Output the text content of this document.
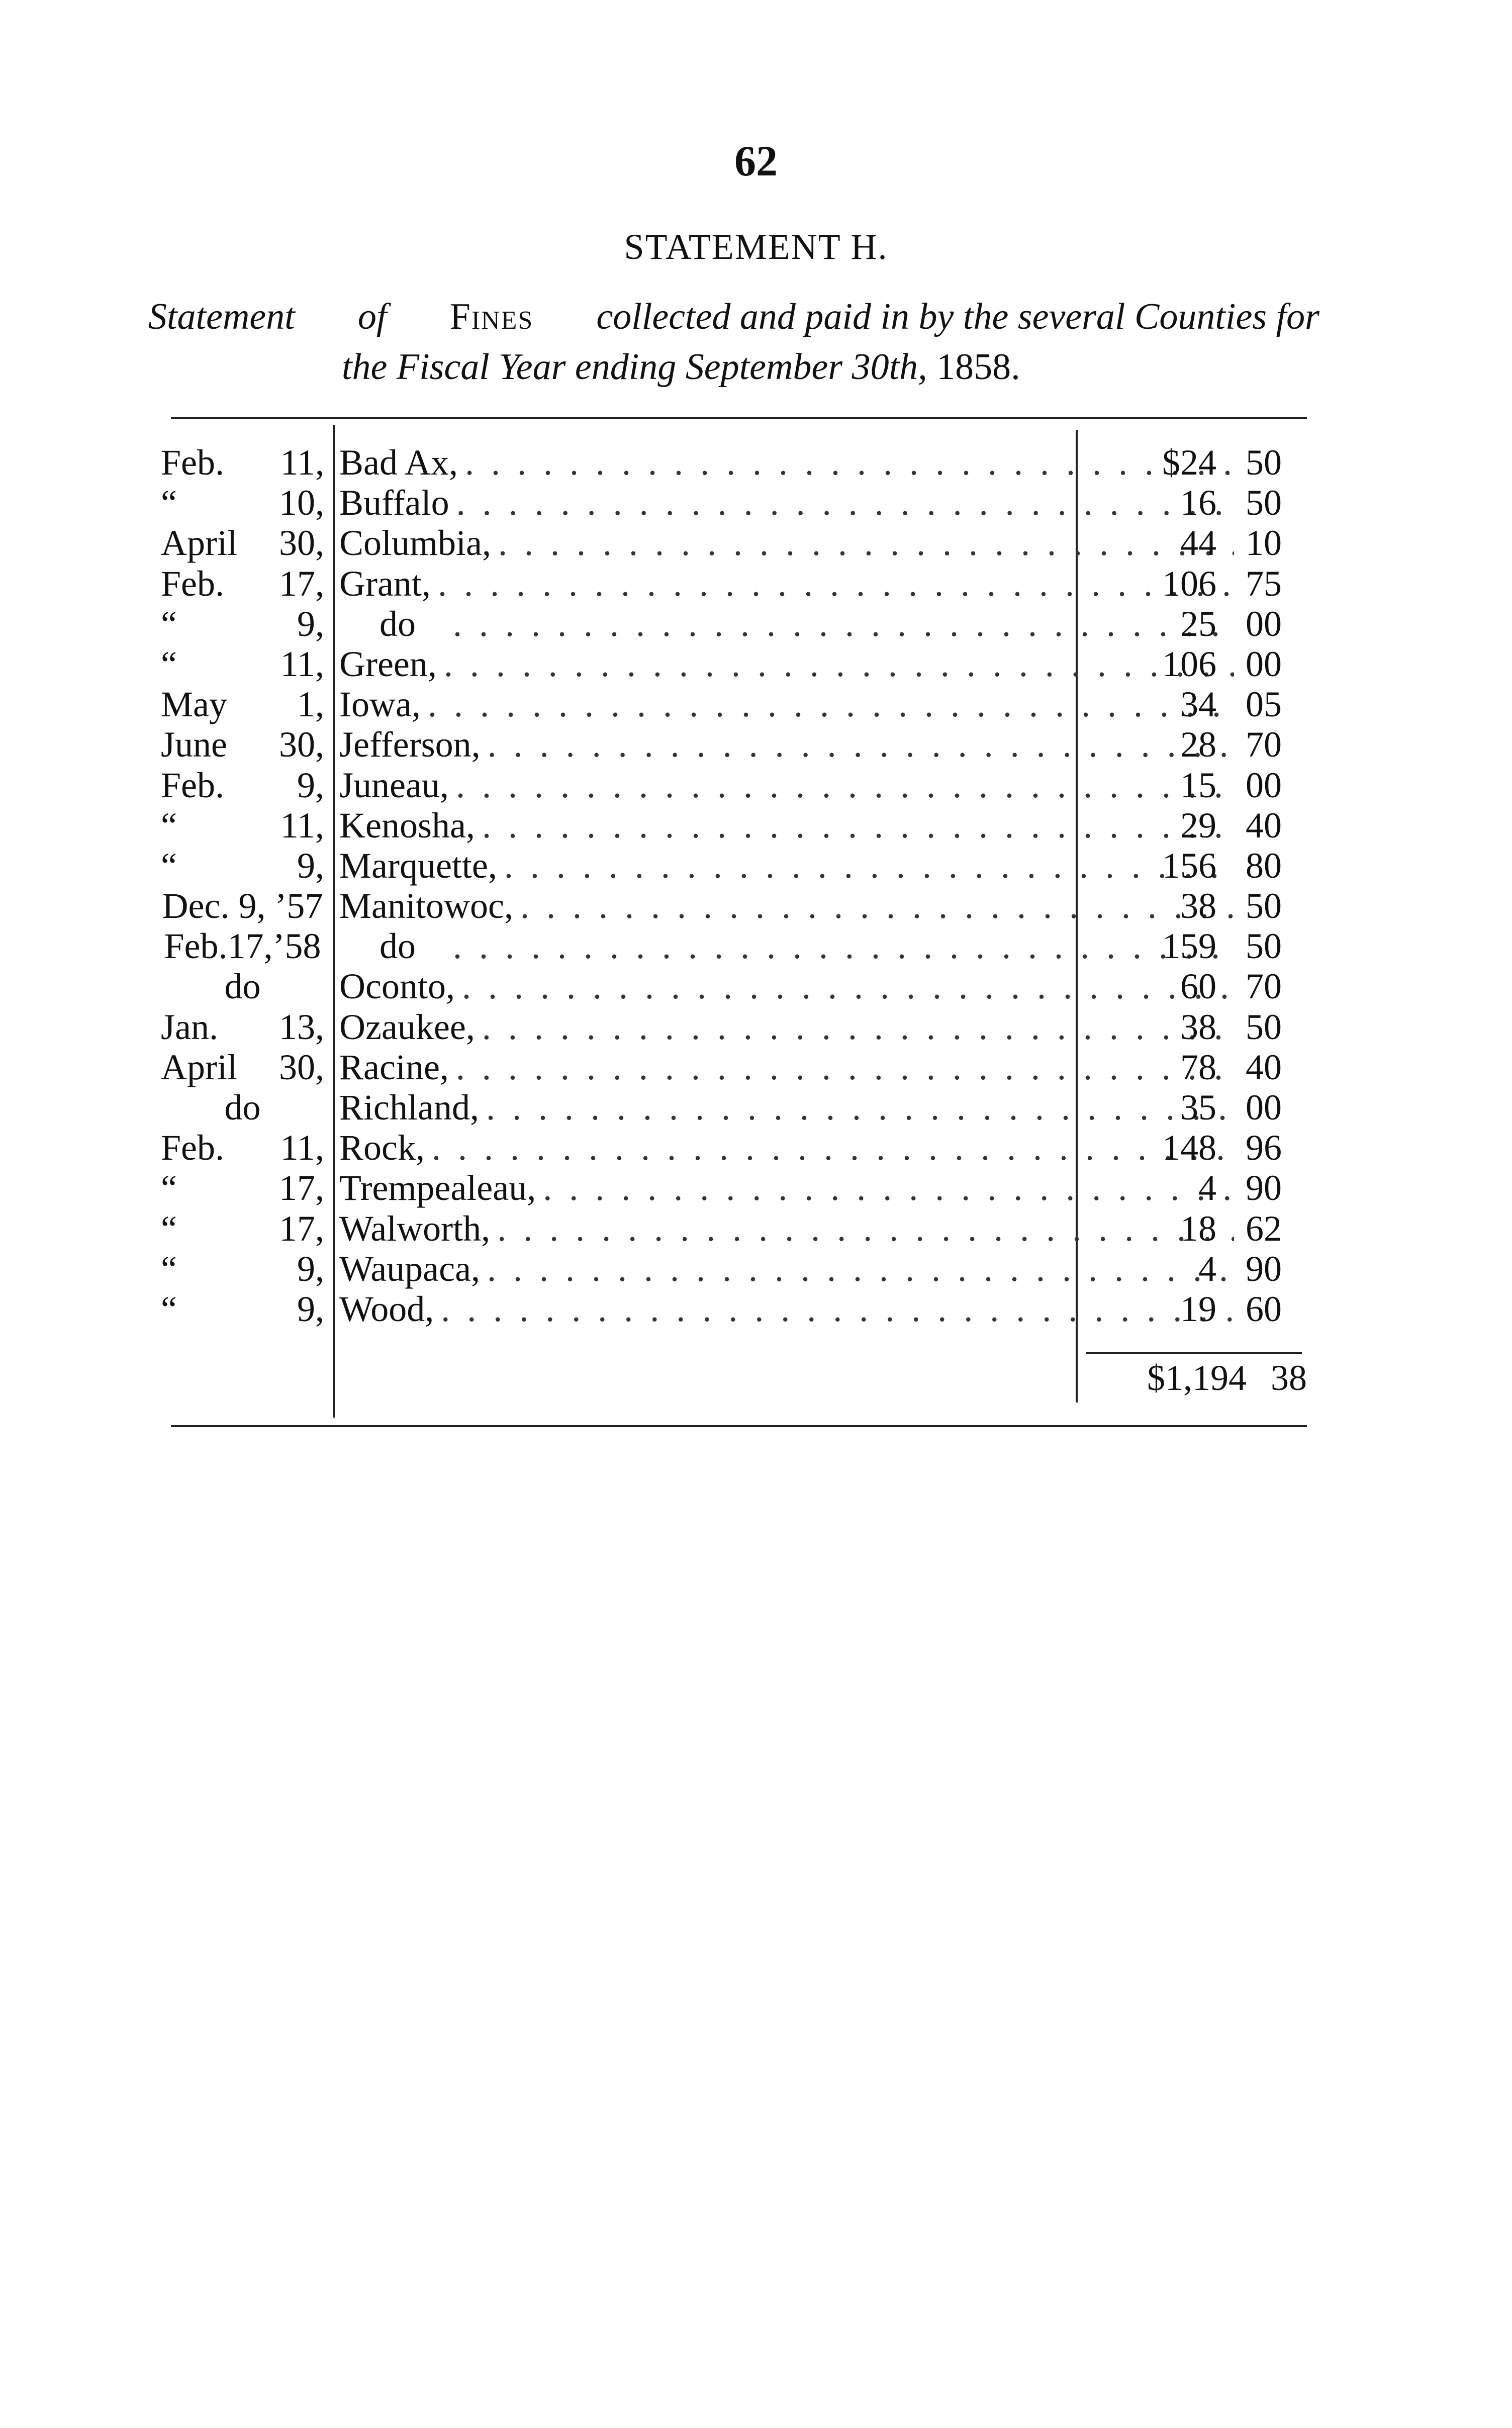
62
STATEMENT H.
Statement of Fines collected and paid in by the several Counties for
the Fiscal Year ending September 30th, 1858.
Feb. 11, Bad Ax, . . .	$24 50
“	10, Buffalo . . .	16 50
April 30, Columbia, . . .	44 10
Feb. 17, Grant, . . .	106 75
“	9,	do . . .	25 00
“	11, Green, . . .	106 00
May 1, Iowa, . . .	34 05
June 30, Jefferson, . . .	28 70
Feb. 9, Juneau, . . .	15 00
“	11, Kenosha, . . .	29 40
“	9, Marquette, . . .	156 80
Dec. 9, ’57 Manitowoc, . . .	38 50
Feb.17,’58	do . . .	159 50
do Oconto, . . .	60 70
Jan. 13, Ozaukee, . . .	38 50
April 30, Racine, . . .	78 40
do Richland, . . .	35 00
Feb. 11, Rock, . . .	148 96
“	17, Trempealeau, . . .	4 90
“	17, Walworth, . . .	18 62
“	9, Waupaca, . . .	4 90
“	9, Wood, . . .	19 60
$1,194 38
